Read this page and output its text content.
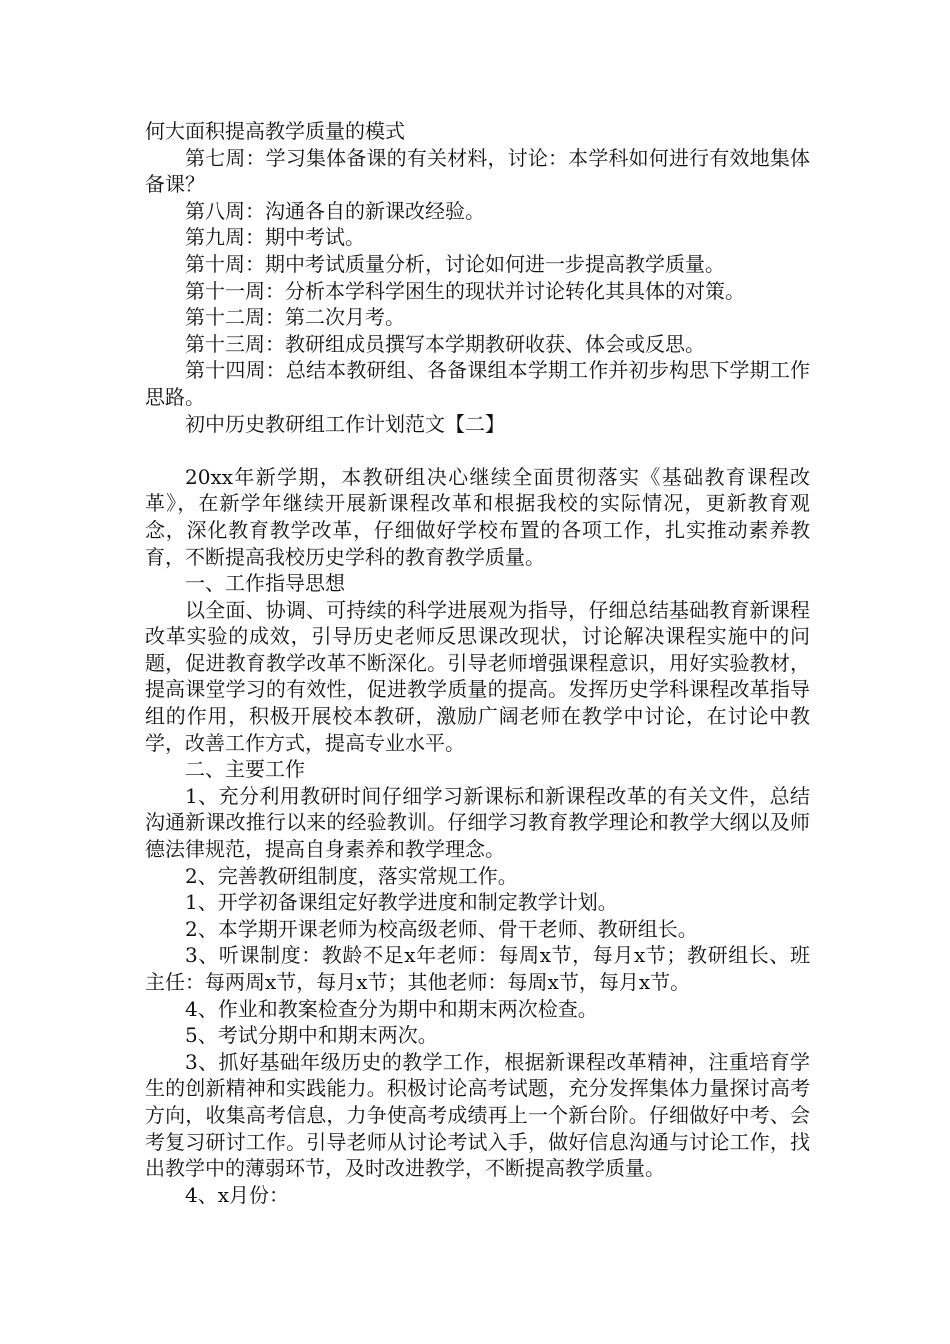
何大面积提高教学质量的模式

第七周：学习集体备课的有关材料，讨论：本学科如何进行有效地集体备课？

第八周：沟通各自的新课改经验。

第九周：期中考试。

第十周：期中考试质量分析，讨论如何进一步提高教学质量。

第十一周：分析本学科学困生的现状并讨论转化其具体的对策。

第十二周：第二次月考。

第十三周：教研组成员撰写本学期教研收获、体会或反思。

第十四周：总结本教研组、各备课组本学期工作并初步构思下学期工作思路。

初中历史教研组工作计划范文【二】

20xx年新学期，本教研组决心继续全面贯彻落实《基础教育课程改革》，在新学年继续开展新课程改革和根据我校的实际情况，更新教育观念，深化教育教学改革，仔细做好学校布置的各项工作，扎实推动素养教育，不断提高我校历史学科的教育教学质量。

一、工作指导思想

以全面、协调、可持续的科学进展观为指导，仔细总结基础教育新课程改革实验的成效，引导历史老师反思课改现状，讨论解决课程实施中的问题，促进教育教学改革不断深化。引导老师增强课程意识，用好实验教材，提高课堂学习的有效性，促进教学质量的提高。发挥历史学科课程改革指导组的作用，积极开展校本教研，激励广阔老师在教学中讨论，在讨论中教学，改善工作方式，提高专业水平。

二、主要工作

1、充分利用教研时间仔细学习新课标和新课程改革的有关文件，总结沟通新课改推行以来的经验教训。仔细学习教育教学理论和教学大纲以及师德法律规范，提高自身素养和教学理念。

2、完善教研组制度，落实常规工作。

1、开学初备课组定好教学进度和制定教学计划。

2、本学期开课老师为校高级老师、骨干老师、教研组长。

3、听课制度：教龄不足x年老师：每周x节，每月x节；教研组长、班主任：每两周x节，每月x节；其他老师：每周x节，每月x节。

4、作业和教案检查分为期中和期末两次检查。

5、考试分期中和期末两次。

3、抓好基础年级历史的教学工作，根据新课程改革精神，注重培育学生的创新精神和实践能力。积极讨论高考试题，充分发挥集体力量探讨高考方向，收集高考信息，力争使高考成绩再上一个新台阶。仔细做好中考、会考复习研讨工作。引导老师从讨论考试入手，做好信息沟通与讨论工作，找出教学中的薄弱环节，及时改进教学，不断提高教学质量。

4、x月份：
